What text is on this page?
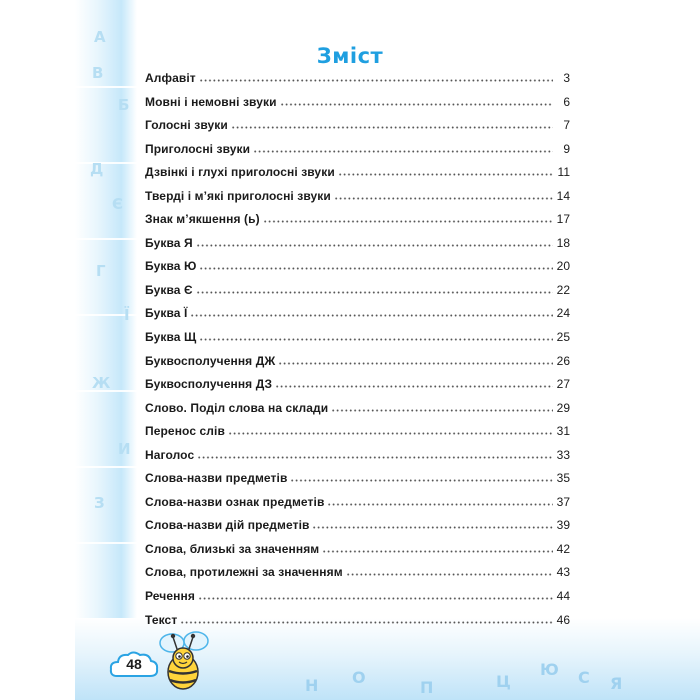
А
В
Б
Д
Є
Г
Ї
Ж
И
З
Н О
П	Ц
Ю С Я
Зміст
Алфавіт	3
Мовні і немовні звуки	6
Голосні звуки	7
Приголосні звуки	9
Дзвінкі і глухі приголосні звуки	11
Тверді і м’які приголосні звуки	14
Знак м’якшення (ь)	17
Буква Я	18
Буква Ю	20
Буква Є	22
Буква Ї	24
Буква Щ	25
Буквосполучення ДЖ	26
Буквосполучення ДЗ	27
Слово. Поділ слова на склади	29
Перенос слів	31
Наголос	33
Слова-назви предметів	35
Слова-назви ознак предметів	37
Слова-назви дій предметів	39
Слова, близькі за значенням	42
Слова, протилежні за значенням	43
Речення	44
Текст	46
48
